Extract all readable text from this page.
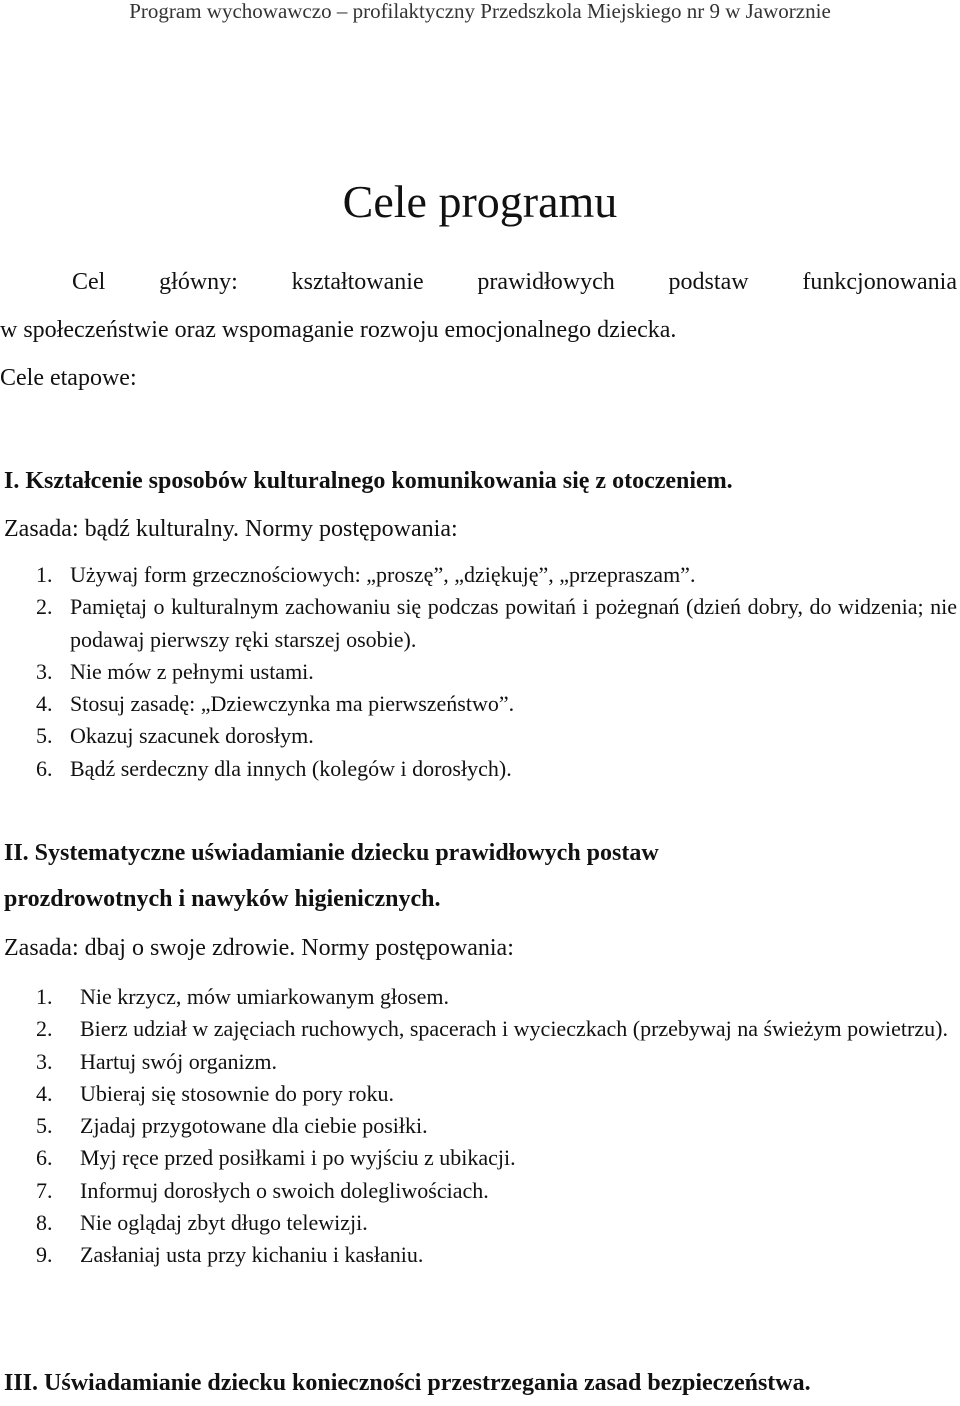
Program wychowawczo – profilaktyczny Przedszkola Miejskiego nr 9 w Jaworznie
Cele programu
Cel główny: kształtowanie prawidłowych podstaw funkcjonowania
w społeczeństwie oraz wspomaganie rozwoju emocjonalnego dziecka.
Cele etapowe:
I. Kształcenie sposobów kulturalnego komunikowania się z otoczeniem.
Zasada: bądź kulturalny. Normy postępowania:
1. Używaj form grzecznościowych: „proszę”, „dziękuję”, „przepraszam”.
2. Pamiętaj o kulturalnym zachowaniu się podczas powitań i pożegnań (dzień dobry, do widzenia; nie podawaj pierwszy ręki starszej osobie).
3. Nie mów z pełnymi ustami.
4. Stosuj zasadę: „Dziewczynka ma pierwszeństwo”.
5. Okazuj szacunek dorosłym.
6. Bądź serdeczny dla innych (kolegów i dorosłych).
II. Systematyczne uświadamianie dziecku prawidłowych postaw
prozdrowotnych i nawyków higienicznych.
Zasada: dbaj o swoje zdrowie. Normy postępowania:
1. Nie krzycz, mów umiarkowanym głosem.
2. Bierz udział w zajęciach ruchowych, spacerach i wycieczkach (przebywaj na świeżym powietrzu).
3. Hartuj swój organizm.
4. Ubieraj się stosownie do pory roku.
5. Zjadaj przygotowane dla ciebie posiłki.
6. Myj ręce przed posiłkami i po wyjściu z ubikacji.
7. Informuj dorosłych o swoich dolegliwościach.
8. Nie oglądaj zbyt długo telewizji.
9. Zasłaniaj usta przy kichaniu i kasłaniu.
III. Uświadamianie dziecku konieczności przestrzegania zasad bezpieczeństwa.
